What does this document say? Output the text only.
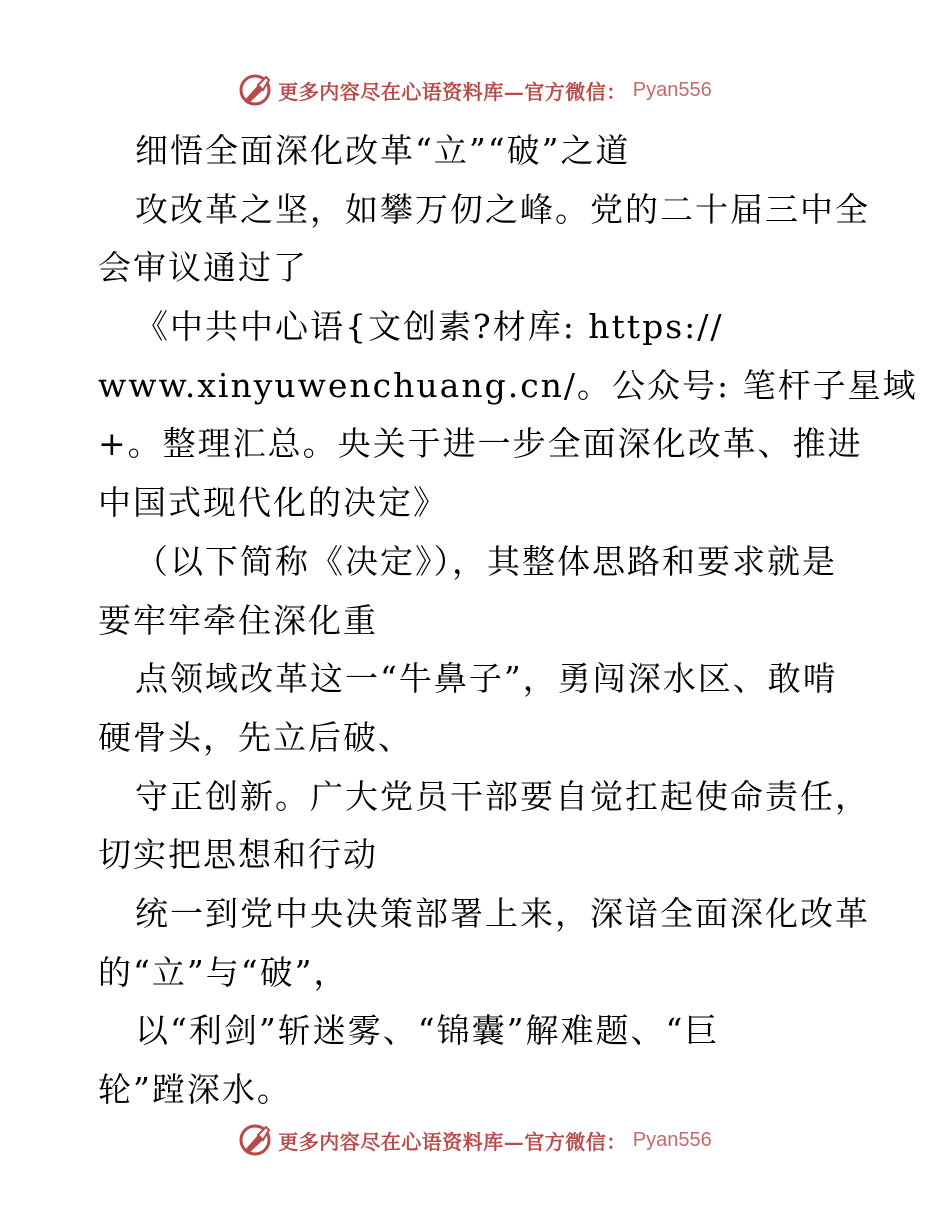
更多内容尽在心语资料库—官方微信： Pyan556
细悟全面深化改革“立”“破”之道
攻改革之坚，如攀万仞之峰。党的二十届三中全
会审议通过了
《中共中心语{文创素?材库: https://
www.xinyuwenchuang.cn/。公众号: 笔杆子星域
+。整理汇总。央关于进一步全面深化改革、推进
中国式现代化的决定》
（以下简称《决定》），其整体思路和要求就是
要牢牢牵住深化重
点领域改革这一“牛鼻子”，勇闯深水区、敢啃
硬骨头，先立后破、
守正创新。广大党员干部要自觉扛起使命责任，
切实把思想和行动
统一到党中央决策部署上来，深谙全面深化改革
的“立”与“破”，
以“利剑”斩迷雾、“锦囊”解难题、“巨
轮”蹚深水。
更多内容尽在心语资料库—官方微信： Pyan556
